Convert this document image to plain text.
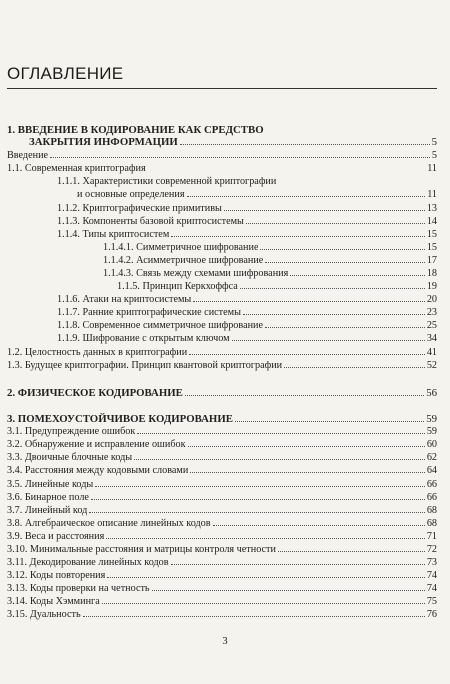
ОГЛАВЛЕНИЕ
1. ВВЕДЕНИЕ В КОДИРОВАНИЕ КАК СРЕДСТВО
ЗАКРЫТИЯ ИНФОРМАЦИИ	5
Введение	5
1.1. Современная криптография	11
1.1.1. Характеристики современной криптографии
и основные определения	11
1.1.2. Криптографические примитивы	13
1.1.3. Компоненты базовой криптосистемы	14
1.1.4. Типы криптосистем	15
1.1.4.1. Симметричное шифрование	15
1.1.4.2. Асимметричное шифрование	17
1.1.4.3. Связь между схемами шифрования	18
1.1.5. Принцип Керкхоффса	19
1.1.6. Атаки на криптосистемы	20
1.1.7. Ранние криптографические системы	23
1.1.8. Современное симметричное шифрование	25
1.1.9. Шифрование с открытым ключом	34
1.2. Целостность данных в криптографии	41
1.3. Будущее криптографии. Принцип квантовой криптографии	52
2. ФИЗИЧЕСКОЕ КОДИРОВАНИЕ	56
3. ПОМЕХОУСТОЙЧИВОЕ КОДИРОВАНИЕ	59
3.1. Предупреждение ошибок	59
3.2. Обнаружение и исправление ошибок	60
3.3. Двоичные блочные коды	62
3.4. Расстояния между кодовыми словами	64
3.5. Линейные коды	66
3.6. Бинарное поле	66
3.7. Линейный код	68
3.8. Алгебраическое описание линейных кодов	68
3.9. Веса и расстояния	71
3.10. Минимальные расстояния и матрицы контроля четности	72
3.11. Декодирование линейных кодов	73
3.12. Коды повторения	74
3.13. Коды проверки на четность	74
3.14. Коды Хэмминга	75
3.15. Дуальность	76
3
